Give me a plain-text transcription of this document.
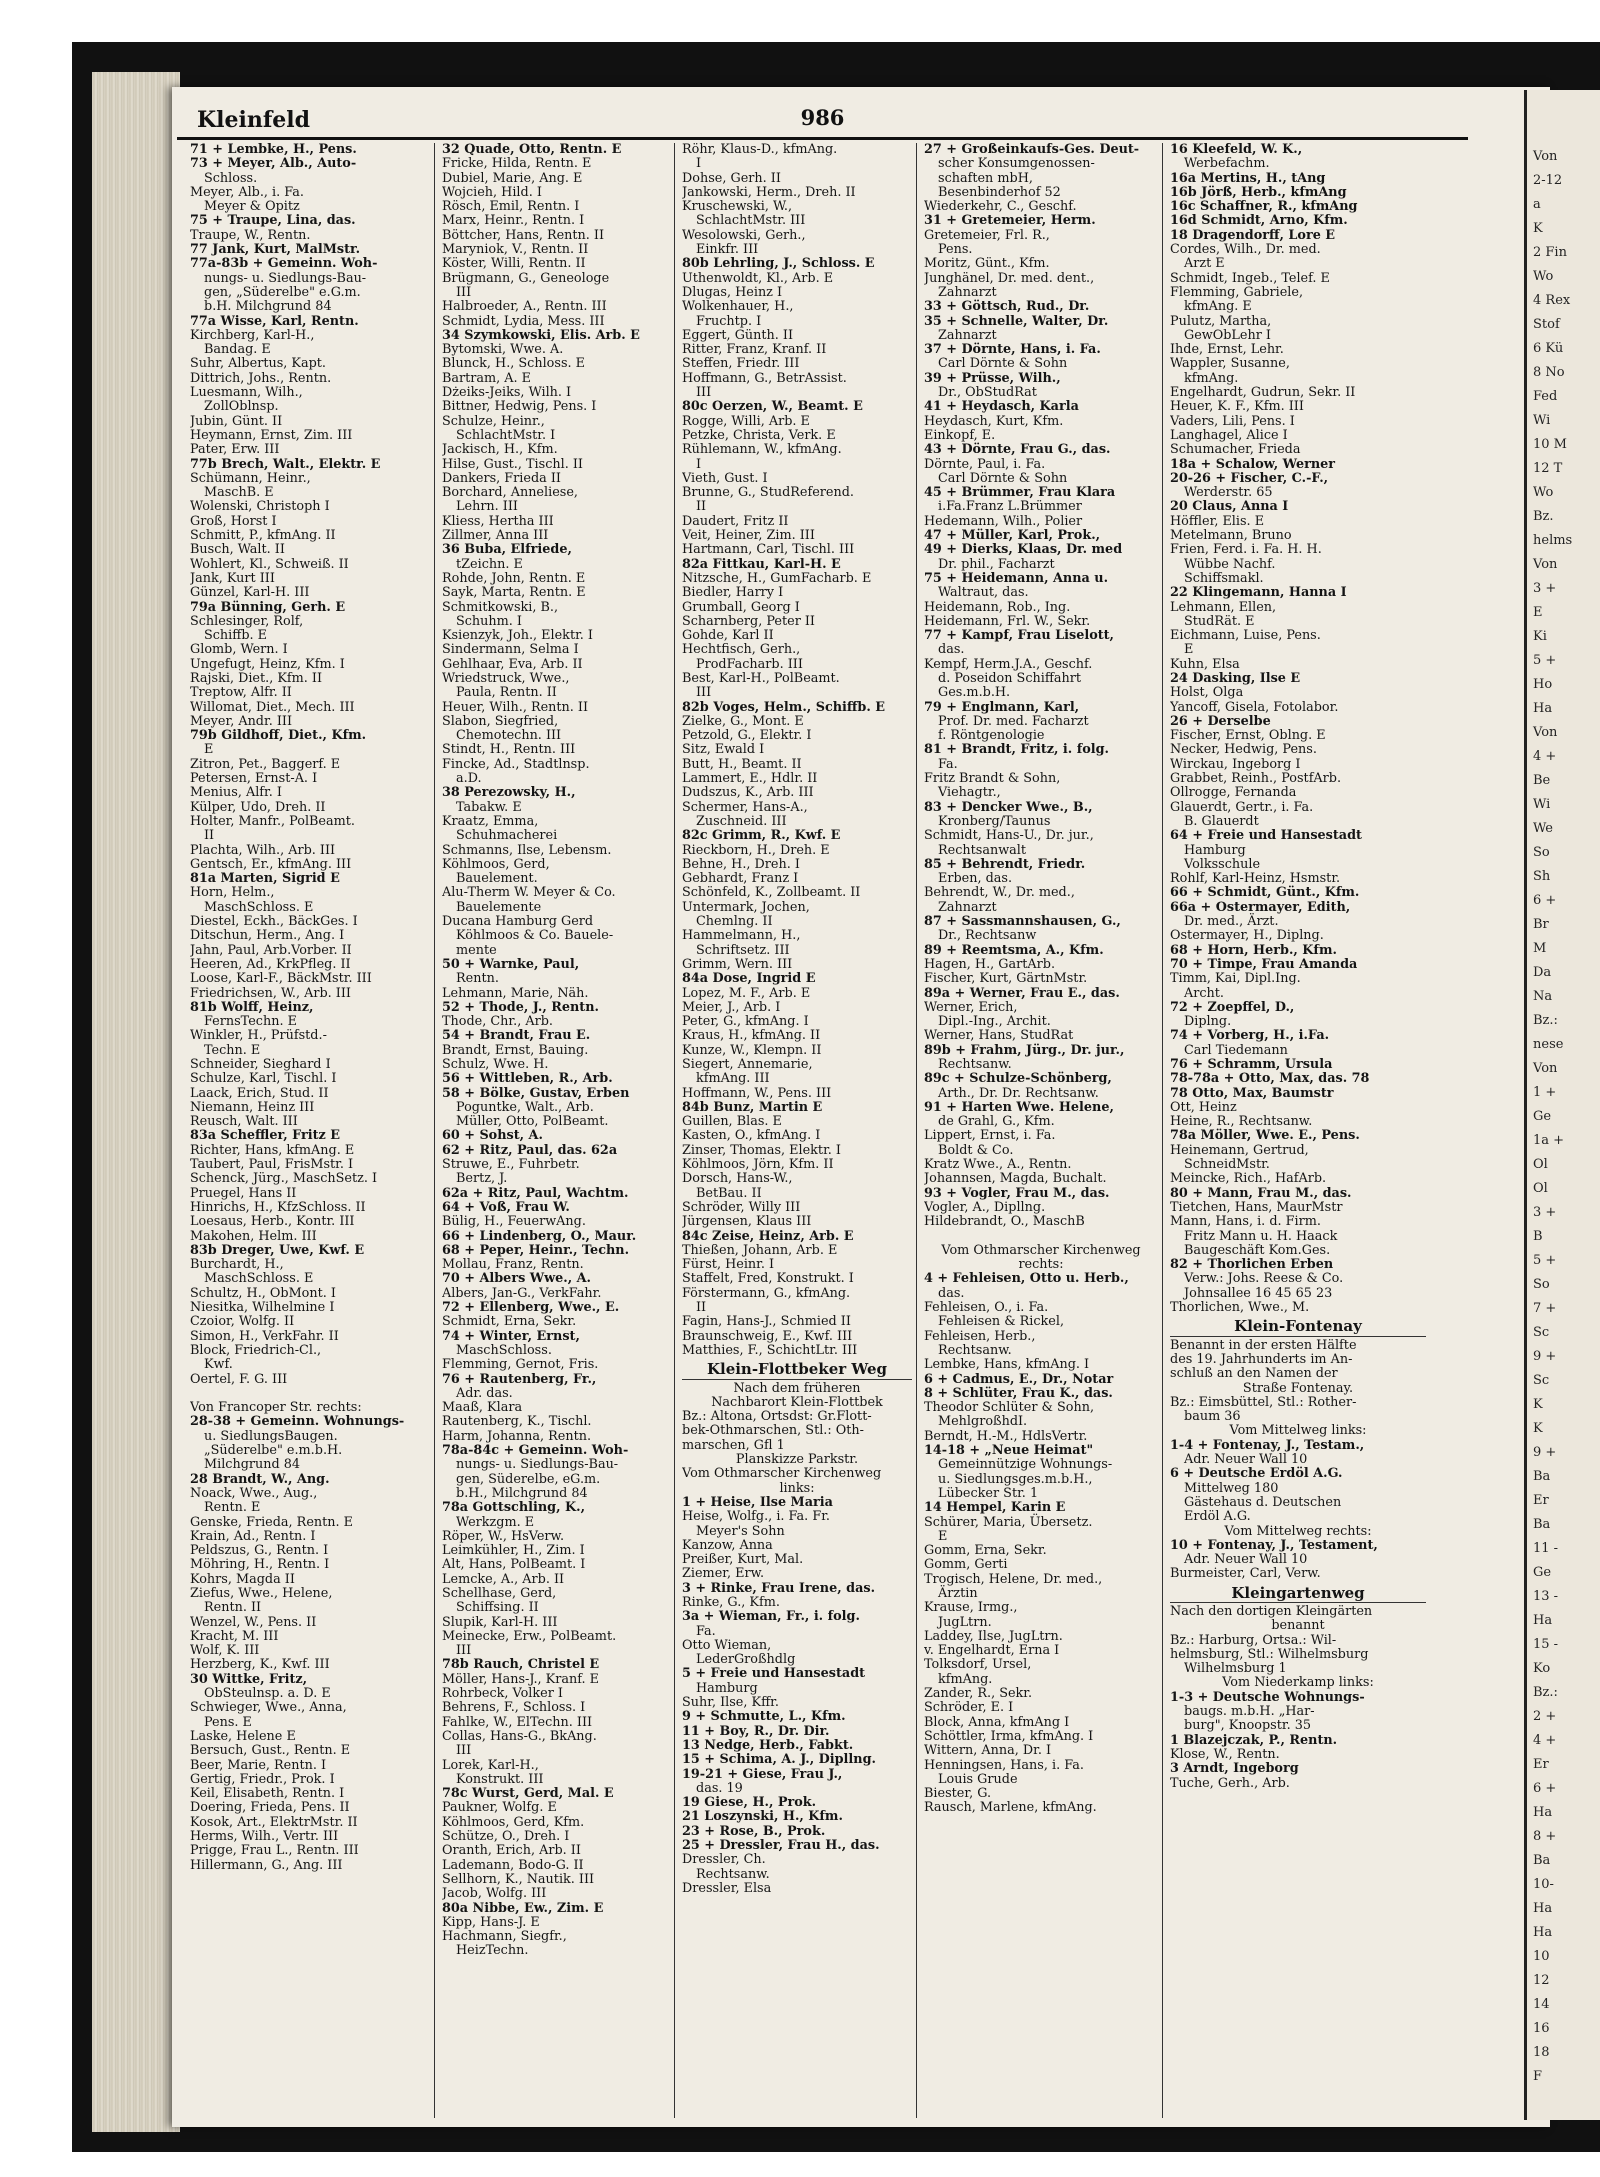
Kleinfeld	986
71 + Lembke, H., Pens.
73 + Meyer, Alb., Auto-
Schloss.
Meyer, Alb., i. Fa.
Meyer & Opitz
75 + Traupe, Lina, das.
Traupe, W., Rentn.
77 Jank, Kurt, MalMstr.
77a-83b + Gemeinn. Woh-
nungs- u. Siedlungs-Bau-
gen, „Süderelbe" e.G.m.
b.H. Milchgrund 84
77a Wisse, Karl, Rentn.
Kirchberg, Karl-H.,
Bandag. E
Suhr, Albertus, Kapt.
Dittrich, Johs., Rentn.
Luesmann, Wilh.,
ZollOblnsp.
Jubin, Günt. II
Heymann, Ernst, Zim. III
Pater, Erw. III
77b Brech, Walt., Elektr. E
Schümann, Heinr.,
MaschB. E
Wolenski, Christoph I
Groß, Horst I
Schmitt, P., kfmAng. II
Busch, Walt. II
Wohlert, Kl., Schweiß. II
Jank, Kurt III
Günzel, Karl-H. III
79a Bünning, Gerh. E
Schlesinger, Rolf,
Schiffb. E
Glomb, Wern. I
Ungefugt, Heinz, Kfm. I
Rajski, Diet., Kfm. II
Treptow, Alfr. II
Willomat, Diet., Mech. III
Meyer, Andr. III
79b Gildhoff, Diet., Kfm.
E
Zitron, Pet., Baggerf. E
Petersen, Ernst-A. I
Menius, Alfr. I
Külper, Udo, Dreh. II
Holter, Manfr., PolBeamt.
II
Plachta, Wilh., Arb. III
Gentsch, Er., kfmAng. III
81a Marten, Sigrid E
Horn, Helm.,
MaschSchloss. E
Diestel, Eckh., BäckGes. I
Ditschun, Herm., Ang. I
Jahn, Paul, Arb.Vorber. II
Heeren, Ad., KrkPfleg. II
Loose, Karl-F., BäckMstr. III
Friedrichsen, W., Arb. III
81b Wolff, Heinz,
FernsTechn. E
Winkler, H., Prüfstd.-
Techn. E
Schneider, Sieghard I
Schulze, Karl, Tischl. I
Laack, Erich, Stud. II
Niemann, Heinz III
Reusch, Walt. III
83a Scheffler, Fritz E
Richter, Hans, kfmAng. E
Taubert, Paul, FrisMstr. I
Schenck, Jürg., MaschSetz. I
Pruegel, Hans II
Hinrichs, H., KfzSchloss. II
Loesaus, Herb., Kontr. III
Makohen, Helm. III
83b Dreger, Uwe, Kwf. E
Burchardt, H.,
MaschSchloss. E
Schultz, H., ObMont. I
Niesitka, Wilhelmine I
Czoior, Wolfg. II
Simon, H., VerkFahr. II
Block, Friedrich-Cl.,
Kwf.
Oertel, F. G. III

Von Francoper Str. rechts:
28-38 + Gemeinn. Wohnungs-
u. SiedlungsBaugen.
„Süderelbe" e.m.b.H.
Milchgrund 84
28 Brandt, W., Ang.
Noack, Wwe., Aug.,
Rentn. E
Genske, Frieda, Rentn. E
Krain, Ad., Rentn. I
Peldszus, G., Rentn. I
Möhring, H., Rentn. I
Kohrs, Magda II
Ziefus, Wwe., Helene,
Rentn. II
Wenzel, W., Pens. II
Kracht, M. III
Wolf, K. III
Herzberg, K., Kwf. III
30 Wittke, Fritz,
ObSteulnsp. a. D. E
Schwieger, Wwe., Anna,
Pens. E
Laske, Helene E
Bersuch, Gust., Rentn. E
Beer, Marie, Rentn. I
Gertig, Friedr., Prok. I
Keil, Elisabeth, Rentn. I
Doering, Frieda, Pens. II
Kosok, Art., ElektrMstr. II
Herms, Wilh., Vertr. III
Prigge, Frau L., Rentn. III
Hillermann, G., Ang. III
32 Quade, Otto, Rentn. E
Fricke, Hilda, Rentn. E
Dubiel, Marie, Ang. E
Wojcieh, Hild. I
Rösch, Emil, Rentn. I
Marx, Heinr., Rentn. I
Böttcher, Hans, Rentn. II
Maryniok, V., Rentn. II
Köster, Willi, Rentn. II
Brügmann, G., Geneologe
III
Halbroeder, A., Rentn. III
Schmidt, Lydia, Mess. III
34 Szymkowski, Elis. Arb. E
Bytomski, Wwe. A.
Blunck, H., Schloss. E
Bartram, A. E
Dżeiks-Jeiks, Wilh. I
Bittner, Hedwig, Pens. I
Schulze, Heinr.,
SchlachtMstr. I
Jackisch, H., Kfm.
Hilse, Gust., Tischl. II
Dankers, Frieda II
Borchard, Anneliese,
Lehrn. III
Kliess, Hertha III
Zillmer, Anna III
36 Buba, Elfriede,
tZeichn. E
Rohde, John, Rentn. E
Sayk, Marta, Rentn. E
Schmitkowski, B.,
Schuhm. I
Ksienzyk, Joh., Elektr. I
Sindermann, Selma I
Gehlhaar, Eva, Arb. II
Wriedstruck, Wwe.,
Paula, Rentn. II
Heuer, Wilh., Rentn. II
Slabon, Siegfried,
Chemotechn. III
Stindt, H., Rentn. III
Fincke, Ad., Stadtlnsp.
a.D.
38 Perezowsky, H.,
Tabakw. E
Kraatz, Emma,
Schuhmacherei
Schmanns, Ilse, Lebensm.
Köhlmoos, Gerd,
Bauelement.
Alu-Therm W. Meyer & Co.
Bauelemente
Ducana Hamburg Gerd
Köhlmoos & Co. Bauele-
mente
50 + Warnke, Paul,
Rentn.
Lehmann, Marie, Näh.
52 + Thode, J., Rentn.
Thode, Chr., Arb.
54 + Brandt, Frau E.
Brandt, Ernst, Bauing.
Schulz, Wwe. H.
56 + Wittleben, R., Arb.
58 + Bölke, Gustav, Erben
Poguntke, Walt., Arb.
Müller, Otto, PolBeamt.
60 + Sohst, A.
62 + Ritz, Paul, das. 62a
Struwe, E., Fuhrbetr.
Bertz, J.
62a + Ritz, Paul, Wachtm.
64 + Voß, Frau W.
Bülig, H., FeuerwAng.
66 + Lindenberg, O., Maur.
68 + Peper, Heinr., Techn.
Mollau, Franz, Rentn.
70 + Albers Wwe., A.
Albers, Jan-G., VerkFahr.
72 + Ellenberg, Wwe., E.
Schmidt, Erna, Sekr.
74 + Winter, Ernst,
MaschSchloss.
Flemming, Gernot, Fris.
76 + Rautenberg, Fr.,
Adr. das.
Maaß, Klara
Rautenberg, K., Tischl.
Harm, Johanna, Rentn.
78a-84c + Gemeinn. Woh-
nungs- u. Siedlungs-Bau-
gen, Süderelbe, eG.m.
b.H., Milchgrund 84
78a Gottschling, K.,
Werkzgm. E
Röper, W., HsVerw.
Leimkühler, H., Zim. I
Alt, Hans, PolBeamt. I
Lemcke, A., Arb. II
Schellhase, Gerd,
Schiffsing. II
Slupik, Karl-H. III
Meinecke, Erw., PolBeamt.
III
78b Rauch, Christel E
Möller, Hans-J., Kranf. E
Rohrbeck, Volker I
Behrens, F., Schloss. I
Fahlke, W., ElTechn. III
Collas, Hans-G., BkAng.
III
Lorek, Karl-H.,
Konstrukt. III
78c Wurst, Gerd, Mal. E
Paukner, Wolfg. E
Köhlmoos, Gerd, Kfm.
Schütze, O., Dreh. I
Oranth, Erich, Arb. II
Lademann, Bodo-G. II
Sellhorn, K., Nautik. III
Jacob, Wolfg. III
80a Nibbe, Ew., Zim. E
Kipp, Hans-J. E
Hachmann, Siegfr.,
HeizTechn.
Röhr, Klaus-D., kfmAng.
I
Dohse, Gerh. II
Jankowski, Herm., Dreh. II
Kruschewski, W.,
SchlachtMstr. III
Wesolowski, Gerh.,
Einkfr. III
80b Lehrling, J., Schloss. E
Uthenwoldt, Kl., Arb. E
Dlugas, Heinz I
Wolkenhauer, H.,
Fruchtp. I
Eggert, Günth. II
Ritter, Franz, Kranf. II
Steffen, Friedr. III
Hoffmann, G., BetrAssist.
III
80c Oerzen, W., Beamt. E
Rogge, Willi, Arb. E
Petzke, Christa, Verk. E
Rühlemann, W., kfmAng.
I
Vieth, Gust. I
Brunne, G., StudReferend.
II
Daudert, Fritz II
Veit, Heiner, Zim. III
Hartmann, Carl, Tischl. III
82a Fittkau, Karl-H. E
Nitzsche, H., GumFacharb. E
Biedler, Harry I
Grumball, Georg I
Scharnberg, Peter II
Gohde, Karl II
Hechtfisch, Gerh.,
ProdFacharb. III
Best, Karl-H., PolBeamt.
III
82b Voges, Helm., Schiffb. E
Zielke, G., Mont. E
Petzold, G., Elektr. I
Sitz, Ewald I
Butt, H., Beamt. II
Lammert, E., Hdlr. II
Dudszus, K., Arb. III
Schermer, Hans-A.,
Zuschneid. III
82c Grimm, R., Kwf. E
Rieckborn, H., Dreh. E
Behne, H., Dreh. I
Gebhardt, Franz I
Schönfeld, K., Zollbeamt. II
Untermark, Jochen,
Chemlng. II
Hammelmann, H.,
Schriftsetz. III
Grimm, Wern. III
84a Dose, Ingrid E
Lopez, M. F., Arb. E
Meier, J., Arb. I
Peter, G., kfmAng. I
Kraus, H., kfmAng. II
Kunze, W., Klempn. II
Siegert, Annemarie,
kfmAng. III
Hoffmann, W., Pens. III
84b Bunz, Martin E
Guillen, Blas. E
Kasten, O., kfmAng. I
Zinser, Thomas, Elektr. I
Köhlmoos, Jörn, Kfm. II
Dorsch, Hans-W.,
BetBau. II
Schröder, Willy III
Jürgensen, Klaus III
84c Zeise, Heinz, Arb. E
Thießen, Johann, Arb. E
Fürst, Heinr. I
Staffelt, Fred, Konstrukt. I
Förstermann, G., kfmAng.
II
Fagin, Hans-J., Schmied II
Braunschweig, E., Kwf. III
Matthies, F., SchichtLtr. III
Klein-Flottbeker Weg
Nach dem früheren
Nachbarort Klein-Flottbek
Bz.: Altona, Ortsdst: Gr.Flott-
bek-Othmarschen, Stl.: Oth-
marschen, Gfl 1
Planskizze Parkstr.
Vom Othmarscher Kirchenweg
links:
1 + Heise, Ilse Maria
Heise, Wolfg., i. Fa. Fr.
Meyer's Sohn
Kanzow, Anna
Preißer, Kurt, Mal.
Ziemer, Erw.
3 + Rinke, Frau Irene, das.
Rinke, G., Kfm.
3a + Wieman, Fr., i. folg.
Fa.
Otto Wieman,
LederGroßhdlg
5 + Freie und Hansestadt
Hamburg
Suhr, Ilse, Kffr.
9 + Schmutte, L., Kfm.
11 + Boy, R., Dr. Dir.
13 Nedge, Herb., Fabkt.
15 + Schima, A. J., Dipllng.
19-21 + Giese, Frau J.,
das. 19
19 Giese, H., Prok.
21 Loszynski, H., Kfm.
23 + Rose, B., Prok.
25 + Dressler, Frau H., das.
Dressler, Ch.
Rechtsanw.
Dressler, Elsa
27 + Großeinkaufs-Ges. Deut-
scher Konsumgenossen-
schaften mbH,
Besenbinderhof 52
Wiederkehr, C., Geschf.
31 + Gretemeier, Herm.
Gretemeier, Frl. R.,
Pens.
Moritz, Günt., Kfm.
Junghänel, Dr. med. dent.,
Zahnarzt
33 + Göttsch, Rud., Dr.
35 + Schnelle, Walter, Dr.
Zahnarzt
37 + Dörnte, Hans, i. Fa.
Carl Dörnte & Sohn
39 + Prüsse, Wilh.,
Dr., ObStudRat
41 + Heydasch, Karla
Heydasch, Kurt, Kfm.
Einkopf, E.
43 + Dörnte, Frau G., das.
Dörnte, Paul, i. Fa.
Carl Dörnte & Sohn
45 + Brümmer, Frau Klara
i.Fa.Franz L.Brümmer
Hedemann, Wilh., Polier
47 + Müller, Karl, Prok.,
49 + Dierks, Klaas, Dr. med
Dr. phil., Facharzt
75 + Heidemann, Anna u.
Waltraut, das.
Heidemann, Rob., Ing.
Heidemann, Frl. W., Sekr.
77 + Kampf, Frau Liselott,
das.
Kempf, Herm.J.A., Geschf.
d. Poseidon Schiffahrt
Ges.m.b.H.
79 + Englmann, Karl,
Prof. Dr. med. Facharzt
f. Röntgenologie
81 + Brandt, Fritz, i. folg.
Fa.
Fritz Brandt & Sohn,
Viehagtr.,
83 + Dencker Wwe., B.,
Kronberg/Taunus
Schmidt, Hans-U., Dr. jur.,
Rechtsanwalt
85 + Behrendt, Friedr.
Erben, das.
Behrendt, W., Dr. med.,
Zahnarzt
87 + Sassmannshausen, G.,
Dr., Rechtsanw
89 + Reemtsma, A., Kfm.
Hagen, H., GartArb.
Fischer, Kurt, GärtnMstr.
89a + Werner, Frau E., das.
Werner, Erich,
Dipl.-Ing., Archit.
Werner, Hans, StudRat
89b + Frahm, Jürg., Dr. jur.,
Rechtsanw.
89c + Schulze-Schönberg,
Arth., Dr. Dr. Rechtsanw.
91 + Harten Wwe. Helene,
de Grahl, G., Kfm.
Lippert, Ernst, i. Fa.
Boldt & Co.
Kratz Wwe., A., Rentn.
Johannsen, Magda, Buchalt.
93 + Vogler, Frau M., das.
Vogler, A., Dipllng.
Hildebrandt, O., MaschB

Vom Othmarscher Kirchenweg
rechts:
4 + Fehleisen, Otto u. Herb.,
das.
Fehleisen, O., i. Fa.
Fehleisen & Rickel,
Fehleisen, Herb.,
Rechtsanw.
Lembke, Hans, kfmAng. I
6 + Cadmus, E., Dr., Notar
8 + Schlüter, Frau K., das.
Theodor Schlüter & Sohn,
MehlgroßhdI.
Berndt, H.-M., HdlsVertr.
14-18 + „Neue Heimat"
Gemeinnützige Wohnungs-
u. Siedlungsges.m.b.H.,
Lübecker Str. 1
14 Hempel, Karin E
Schürer, Maria, Übersetz.
E
Gomm, Erna, Sekr.
Gomm, Gerti
Trogisch, Helene, Dr. med.,
Ärztin
Krause, Irmg.,
JugLtrn.
Laddey, Ilse, JugLtrn.
v. Engelhardt, Erna I
Tolksdorf, Ursel,
kfmAng.
Zander, R., Sekr.
Schröder, E. I
Block, Anna, kfmAng I
Schöttler, Irma, kfmAng. I
Wittern, Anna, Dr. I
Henningsen, Hans, i. Fa.
Louis Grude
Biester, G.
Rausch, Marlene, kfmAng.
16 Kleefeld, W. K.,
Werbefachm.
16a Mertins, H., tAng
16b Jörß, Herb., kfmAng
16c Schaffner, R., kfmAng
16d Schmidt, Arno, Kfm.
18 Dragendorff, Lore E
Cordes, Wilh., Dr. med.
Arzt E
Schmidt, Ingeb., Telef. E
Flemming, Gabriele,
kfmAng. E
Pulutz, Martha,
GewObLehr I
Ihde, Ernst, Lehr.
Wappler, Susanne,
kfmAng.
Engelhardt, Gudrun, Sekr. II
Heuer, K. F., Kfm. III
Vaders, Lili, Pens. I
Langhagel, Alice I
Schumacher, Frieda
18a + Schalow, Werner
20-26 + Fischer, C.-F.,
Werderstr. 65
20 Claus, Anna I
Höffler, Elis. E
Metelmann, Bruno
Frien, Ferd. i. Fa. H. H.
Wübbe Nachf.
Schiffsmakl.
22 Klingemann, Hanna I
Lehmann, Ellen,
StudRät. E
Eichmann, Luise, Pens.
E
Kuhn, Elsa
24 Dasking, Ilse E
Holst, Olga
Yancoff, Gisela, Fotolabor.
26 + Derselbe
Fischer, Ernst, Oblng. E
Necker, Hedwig, Pens.
Wirckau, Ingeborg I
Grabbet, Reinh., PostfArb.
Ollrogge, Fernanda
Glauerdt, Gertr., i. Fa.
B. Glauerdt
64 + Freie und Hansestadt
Hamburg
Volksschule
Rohlf, Karl-Heinz, Hsmstr.
66 + Schmidt, Günt., Kfm.
66a + Ostermayer, Edith,
Dr. med., Ärzt.
Ostermayer, H., Diplng.
68 + Horn, Herb., Kfm.
70 + Timpe, Frau Amanda
Timm, Kai, Dipl.Ing.
Archt.
72 + Zoepffel, D.,
Diplng.
74 + Vorberg, H., i.Fa.
Carl Tiedemann
76 + Schramm, Ursula
78-78a + Otto, Max, das. 78
78 Otto, Max, Baumstr
Ott, Heinz
Heine, R., Rechtsanw.
78a Möller, Wwe. E., Pens.
Heinemann, Gertrud,
SchneidMstr.
Meincke, Rich., HafArb.
80 + Mann, Frau M., das.
Tietchen, Hans, MaurMstr
Mann, Hans, i. d. Firm.
Fritz Mann u. H. Haack
Baugeschäft Kom.Ges.
82 + Thorlichen Erben
Verw.: Johs. Reese & Co.
Johnsallee 16 45 65 23
Thorlichen, Wwe., M.
Klein-Fontenay
Benannt in der ersten Hälfte
des 19. Jahrhunderts im An-
schluß an den Namen der
Straße Fontenay.
Bz.: Eimsbüttel, Stl.: Rother-
baum 36
Vom Mittelweg links:
1-4 + Fontenay, J., Testam.,
Adr. Neuer Wall 10
6 + Deutsche Erdöl A.G.
Mittelweg 180
Gästehaus d. Deutschen
Erdöl A.G.
Vom Mittelweg rechts:
10 + Fontenay, J., Testament,
Adr. Neuer Wall 10
Burmeister, Carl, Verw.
Kleingartenweg
Nach den dortigen Kleingärten
benannt
Bz.: Harburg, Ortsa.: Wil-
helmsburg, Stl.: Wilhelmsburg
Wilhelmsburg 1
Vom Niederkamp links:
1-3 + Deutsche Wohnungs-
baugs. m.b.H. „Har-
burg", Knoopstr. 35
1 Blazejczak, P., Rentn.
Klose, W., Rentn.
3 Arndt, Ingeborg
Tuche, Gerh., Arb.
Von
2-12
a
K
2 Fin
Wo
4 Rex
Stof
6 Kü
8 No
Fed
Wi
10 M
12 T
Wo
Bz.
helms
Von
3 +
E
Ki
5 +
Ho
Ha
Von
4 +
Be
Wi
We
So
Sh
6 +
Br
M
Da
Na
Bz.:
nese
Von
1 +
Ge
1a +
Ol
Ol
3 +
B
5 +
So
7 +
Sc
9 +
Sc
K
K
9 +
Ba
Er
Ba
11 -
Ge
13 -
Ha
15 -
Ko
Bz.:
2 +
4 +
Er
6 +
Ha
8 +
Ba
10-
Ha
Ha
10
12
14
16
18
F
